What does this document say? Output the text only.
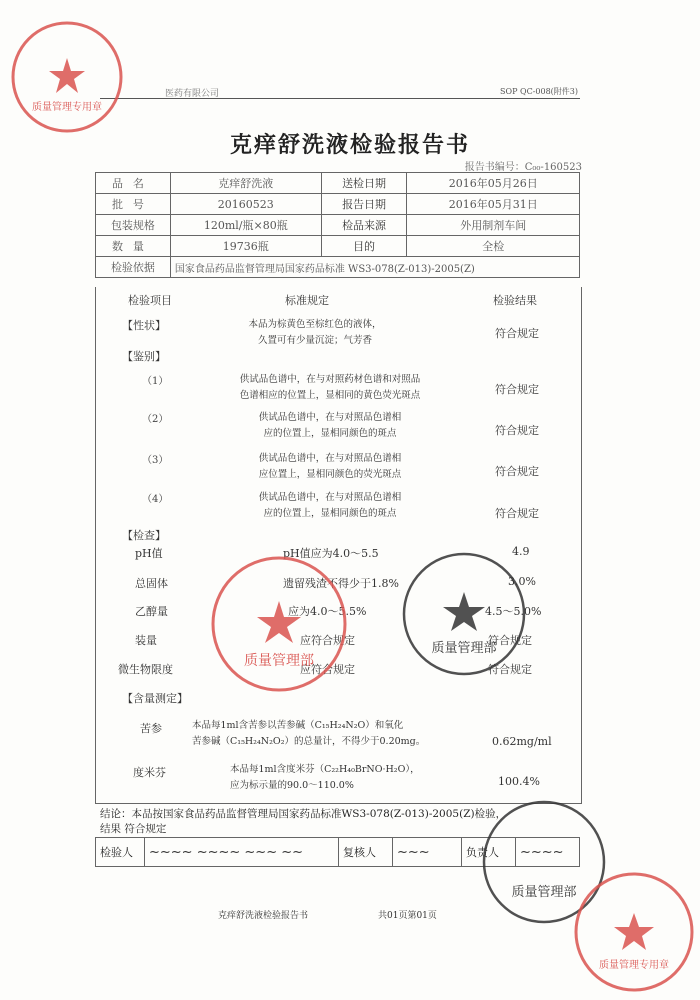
医药有限公司	SOP QC-008(附件3)
克痒舒洗液检验报告书
报告书编号：C₀₀-160523
品名	克痒舒洗液	送检日期	2016年05月26日
批号	20160523	报告日期	2016年05月31日
包装规格	120ml/瓶×80瓶	检品来源	外用制剂车间
数量	19736瓶	目的	全检
检验依据	国家食品药品监督管理局国家药品标准 WS3-078(Z-013)-2005(Z)		
检验项目	标准规定	检验结果
【性状】	本品为棕黄色至棕红色的液体，
久置可有少量沉淀；气芳香
符合规定
【鉴别】
（1）	供试品色谱中，在与对照药材色谱和对照品
色谱相应的位置上，显相同的黄色荧光斑点	符合规定
（2）	供试品色谱中，在与对照品色谱相
应的位置上，显相同颜色的斑点	符合规定
（3）	供试品色谱中，在与对照品色谱相
应位置上，显相同颜色的荧光斑点	符合规定
（4）	供试品色谱中，在与对照品色谱相
应的位置上，显相同颜色的斑点	符合规定
【检查】
pH值	pH值应为4.0～5.5	4.9
总固体	遗留残渣不得少于1.8%	3.0%
乙醇量	应为4.0～5.5%	4.5～5.0%
装量	应符合规定	符合规定
微生物限度	应符合规定	符合规定
【含量测定】
苦参	本品每1ml含苦参以苦参碱（C₁₅H₂₄N₂O）和氧化
苦参碱（C₁₅H₂₄N₂O₂）的总量计，不得少于0.20mg。	0.62mg/ml
度米芬	本品每1ml含度米芬（C₂₂H₄₀BrNO·H₂O），
应为标示量的90.0～110.0%	100.4%
结论：本品按国家食品药品监督管理局国家药品标准WS3-078(Z-013)-2005(Z)检验，
结果 符合规定
检验人	~~~~ ~~~~ ~~~ ~~	复核人	~~~	负责人	~~~~
克痒舒洗液检验报告书	共01页第01页
质量管理专用章
质量管理部
质量管理部
质量管理部
质量管理专用章
